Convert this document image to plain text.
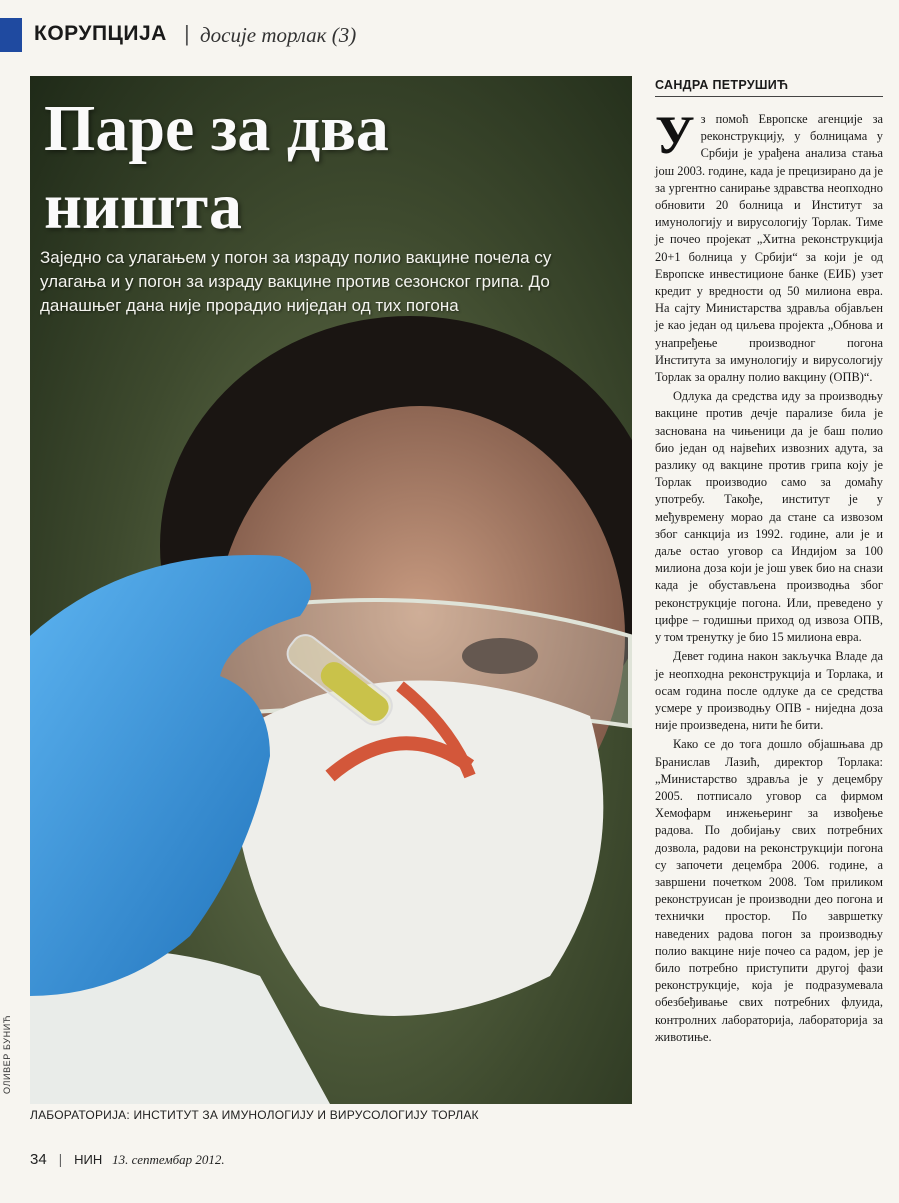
КОРУПЦИЈА | досије торлак (3)
Паре за два
ништа

Заједно са улагањем у погон за израду полио вакцине почела су улагања и у погон за израду вакцине против сезонског грипа. До данашњег дана није прорадио ниједан од тих погона

ОЛИВЕР БУНИЋ
ЛАБОРАТОРИЈА: ИНСТИТУТ ЗА ИМУНОЛОГИЈУ И ВИРУСОЛОГИЈУ ТОРЛАК
САНДРА ПЕТРУШИЋ

Уз помоћ Европске агенције за реконструкцију, у болницама у Србији је урађена анализа стања још 2003. године, када је прецизирано да је за ургентно санирање здравства неопходно обновити 20 болница и Институт за имунологију и вирусологију Торлак. Тиме је почео пројекат „Хитна реконструкција 20+1 болница у Србији“ за који је од Европске инвестиционе банке (ЕИБ) узет кредит у вредности од 50 милиона евра. На сајту Министарства здравља објављен је као један од циљева пројекта „Обнова и унапређење производног погона Института за имунологију и вирусологију Торлак за оралну полио вакцину (ОПВ)“.

Одлука да средства иду за производњу вакцине против дечје парализе била је заснована на чињеници да је баш полио био један од највећих извозних адута, за разлику од вакцине против грипа коју је Торлак производио само за домаћу употребу. Такође, институт је у међувремену морао да стане са извозом због санкција из 1992. године, али је и даље остао уговор са Индијом за 100 милиона доза који је још увек био на снази када је обустављена производња због реконструкције погона. Или, преведено у цифре – годишњи приход од извоза ОПВ, у том тренутку је био 15 милиона евра.

Девет година након закључка Владе да је неопходна реконструкција и Торлака, и осам година после одлуке да се средства усмере у производњу ОПВ - ниједна доза није произведена, нити ће бити.

Како се до тога дошло објашњава др Бранислав Лазић, директор Торлака: „Министарство здравља је у децембру 2005. потписало уговор са фирмом Хемофарм инжењеринг за извођење радова. По добијању свих потребних дозвола, радови на реконструкцији погона су започети децембра 2006. године, а завршени почетком 2008. Том приликом реконструисан је производни део погона и технички простор. По завршетку наведених радова погон за производњу полио вакцине није почео са радом, јер је било потребно приступити другој фази реконструкције, која је подразумевала обезбеђивање свих потребних флуида, контролних лабораторија, лабораторија за животиње.

34 | НИН 13. септембар 2012.
